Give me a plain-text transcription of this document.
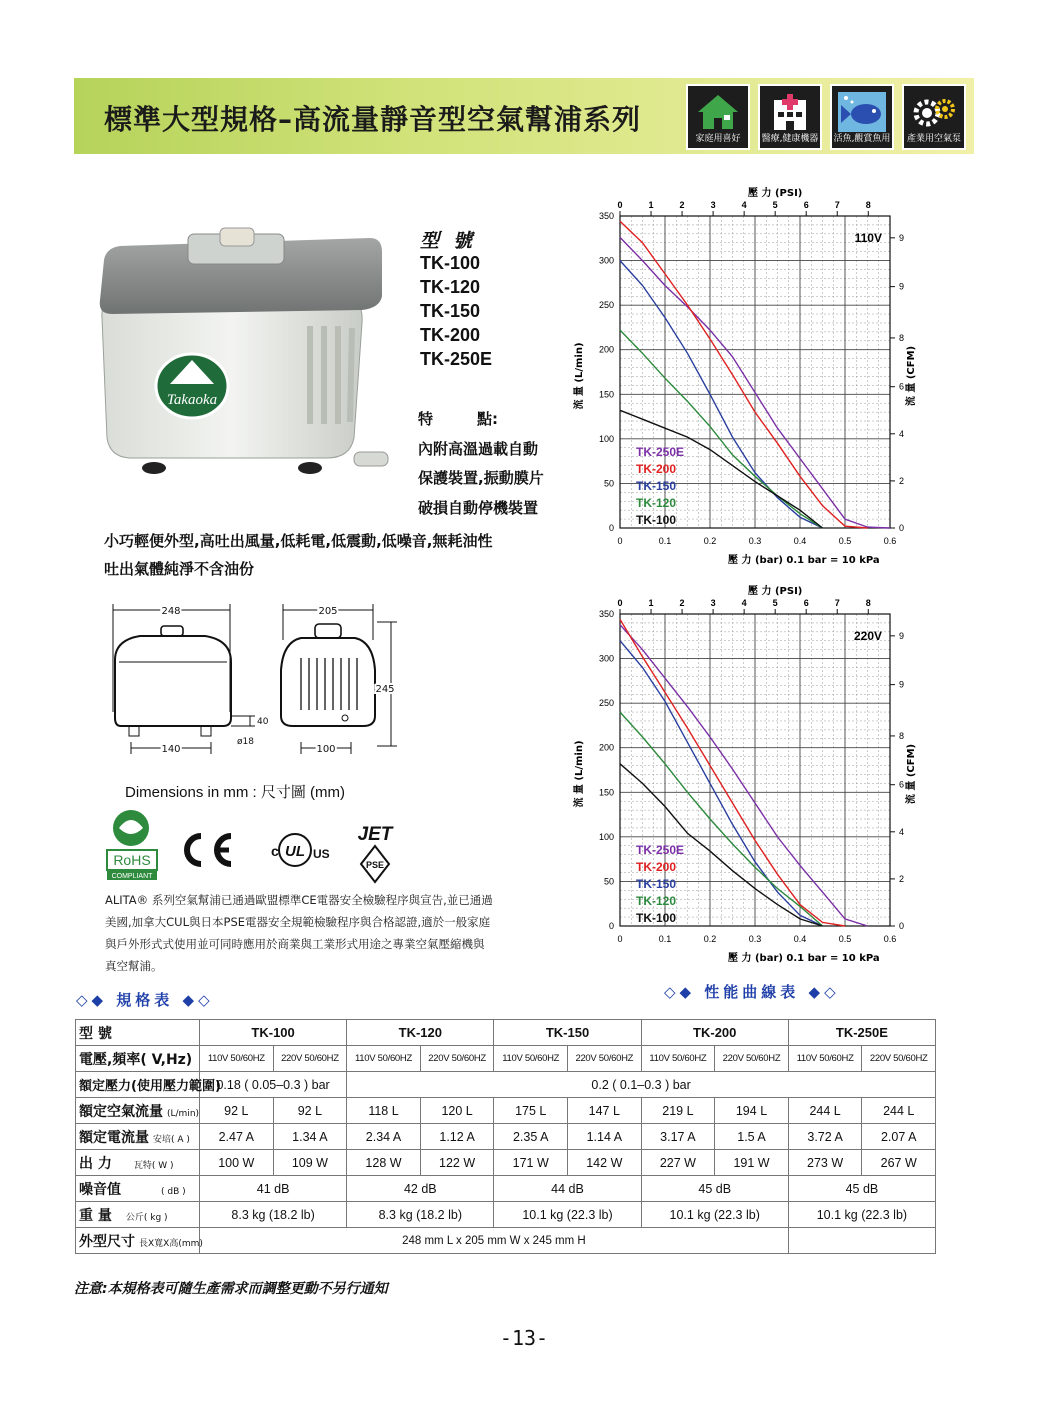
標準大型規格–高流量靜音型空氣幫浦系列
家庭用喜好	醫療,健康機器 活魚,觀賞魚用	產業用空氣泵
Takaoka
型號
TK-100
TK-120
TK-150
TK-200
TK-250E
特	點:
內附高溫過載自動
保護裝置,振動膜片
破損自動停機裝置
小巧輕便外型,高吐出風量,低耗電,低震動,低噪音,無耗油性
吐出氣體純淨不含油份
248	205
245
140	100
ø18
40
Dimensions in mm : 尺寸圖 (mm)
RoHS
COMPLIANT
c UL US
JET
PSE
ALITA® 系列空氣幫浦已通過歐盟標準CE電器安全檢驗程序與宣告,並已通過
美國,加拿大CUL與日本PSE電器安全規範檢驗程序與合格認證,適於一般家庭
與戶外形式式使用並可同時應用於商業與工業形式用途之專業空氣壓縮機與
真空幫浦。
0	0.1	0.2	0.3	0.4	0.5	0.6
0
50
100
150
200
250
300
350
0	1	2	3	4	5	6	7	8
0
2
4
6
8
9
9
TK-250E
TK-200
TK-150
TK-120
TK-100
110V
壓 力 (bar) 0.1 bar = 10 kPa
壓 力 (PSI)
流 量 (L/min)	流 量 (CFM)
0	0.1	0.2	0.3	0.4	0.5	0.6
0
50
100
150
200
250
300
350
0	1	2	3	4	5	6	7	8
0
2
4
6
8
9
9
TK-250E
TK-200
TK-150
TK-120
TK-100
220V
壓 力 (bar) 0.1 bar = 10 kPa
壓 力 (PSI)
流 量 (L/min)	流 量 (CFM)
◇◆ 規格表 ◆◇	◇◆ 性能曲線表 ◆◇
型 號	TK-100		TK-120		TK-150		TK-200		TK-250E	
電壓,頻率( V,Hz)	110V 50/60HZ	220V 50/60HZ	110V 50/60HZ	220V 50/60HZ	110V 50/60HZ	220V 50/60HZ	110V 50/60HZ	220V 50/60HZ	110V 50/60HZ	220V 50/60HZ
額定壓力(使用壓力範圍)	0.18 ( 0.05–0.3 ) bar		0.2 ( 0.1–0.3 ) bar							
額定空氣流量 (L/min)	92 L	92 L	118 L	120 L	175 L	147 L	219 L	194 L	244 L	244 L
額定電流量 安培( A )	2.47 A	1.34 A	2.34 A	1.12 A	2.35 A	1.14 A	3.17 A	1.5 A	3.72 A	2.07 A
出 力 瓦特( W )	100 W	109 W	128 W	122 W	171 W	142 W	227 W	191 W	273 W	267 W
噪音值 ( dB )	41 dB		42 dB		44 dB		45 dB		45 dB	
重 量 公斤( kg )	8.3 kg (18.2 lb)		8.3 kg (18.2 lb)		10.1 kg (22.3 lb)		10.1 kg (22.3 lb)		10.1 kg (22.3 lb)	
外型尺寸 長X寬X高(mm)	248 mm L x 205 mm W x 245 mm H									
注意:本規格表可隨生產需求而調整更動不另行通知
-13-
